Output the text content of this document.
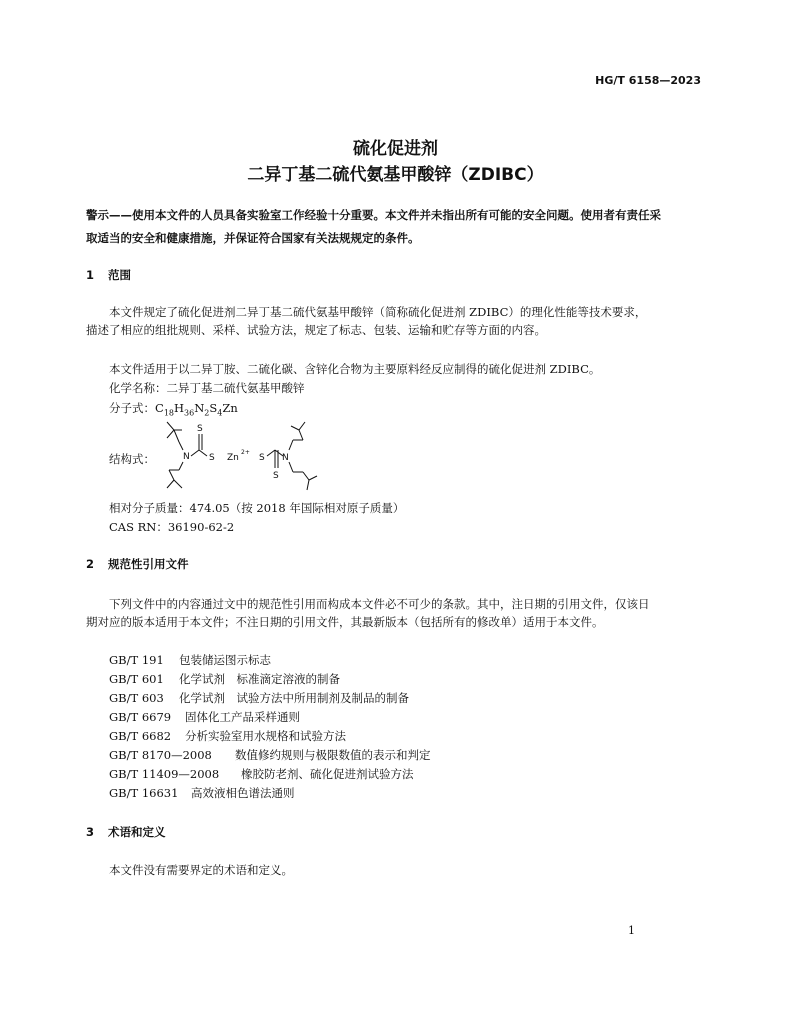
HG/T 6158—2023
硫化促进剂
二异丁基二硫代氨基甲酸锌（ZDIBC）
警示——使用本文件的人员具备实验室工作经验十分重要。本文件并未指出所有可能的安全问题。使用者有责任采取适当的安全和健康措施，并保证符合国家有关法规规定的条件。
1 范围
本文件规定了硫化促进剂二异丁基二硫代氨基甲酸锌（简称硫化促进剂 ZDIBC）的理化性能等技术要求，描述了相应的组批规则、采样、试验方法，规定了标志、包装、运输和贮存等方面的内容。
本文件适用于以二异丁胺、二硫化碳、含锌化合物为主要原料经反应制得的硫化促进剂 ZDIBC。
化学名称：二异丁基二硫代氨基甲酸锌
分子式：$C_{18}H_{36}N_2S_4Zn$
结构式：
S
N S Zn
2+
S N
S
相对分子质量：474.05（按 2018 年国际相对原子质量）
CAS RN：36190-62-2
2 规范性引用文件
下列文件中的内容通过文中的规范性引用而构成本文件必不可少的条款。其中，注日期的引用文件，仅该日期对应的版本适用于本文件；不注日期的引用文件，其最新版本（包括所有的修改单）适用于本文件。
GB/T 191 包装储运图示标志
GB/T 601 化学试剂　标准滴定溶液的制备
GB/T 603 化学试剂　试验方法中所用制剂及制品的制备
GB/T 6679 固体化工产品采样通则
GB/T 6682 分析实验室用水规格和试验方法
GB/T 8170—2008 数值修约规则与极限数值的表示和判定
GB/T 11409—2008 橡胶防老剂、硫化促进剂试验方法
GB/T 16631 高效液相色谱法通则
3 术语和定义
本文件没有需要界定的术语和定义。
1
